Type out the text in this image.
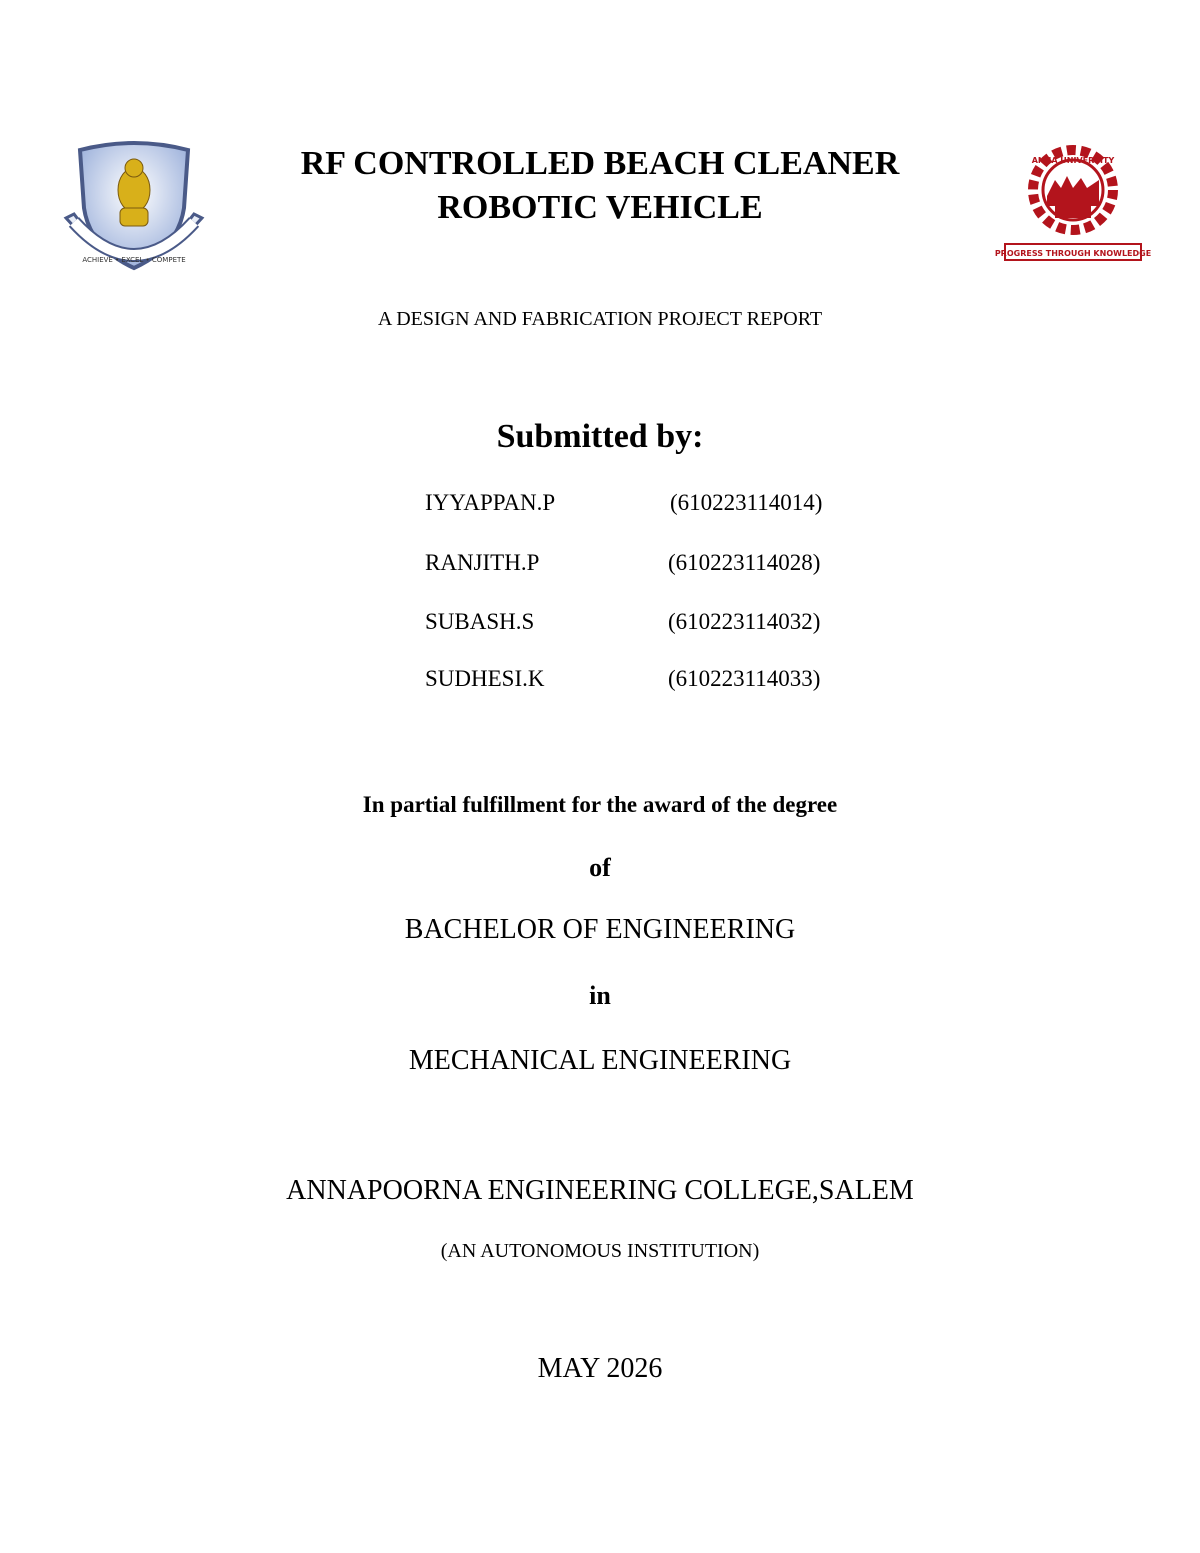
ACHIEVE • EXCEL • COMPETE
ANNA UNIVERSITY
PROGRESS THROUGH KNOWLEDGE
RF CONTROLLED BEACH CLEANER
ROBOTIC VEHICLE
A DESIGN AND FABRICATION PROJECT REPORT
Submitted by:
IYYAPPAN.P	(610223114014)
RANJITH.P	(610223114028)
SUBASH.S	(610223114032)
SUDHESI.K	(610223114033)
In partial fulfillment for the award of the degree
of
BACHELOR OF ENGINEERING
in
MECHANICAL ENGINEERING
ANNAPOORNA ENGINEERING COLLEGE,SALEM
(AN AUTONOMOUS INSTITUTION)
MAY 2026
